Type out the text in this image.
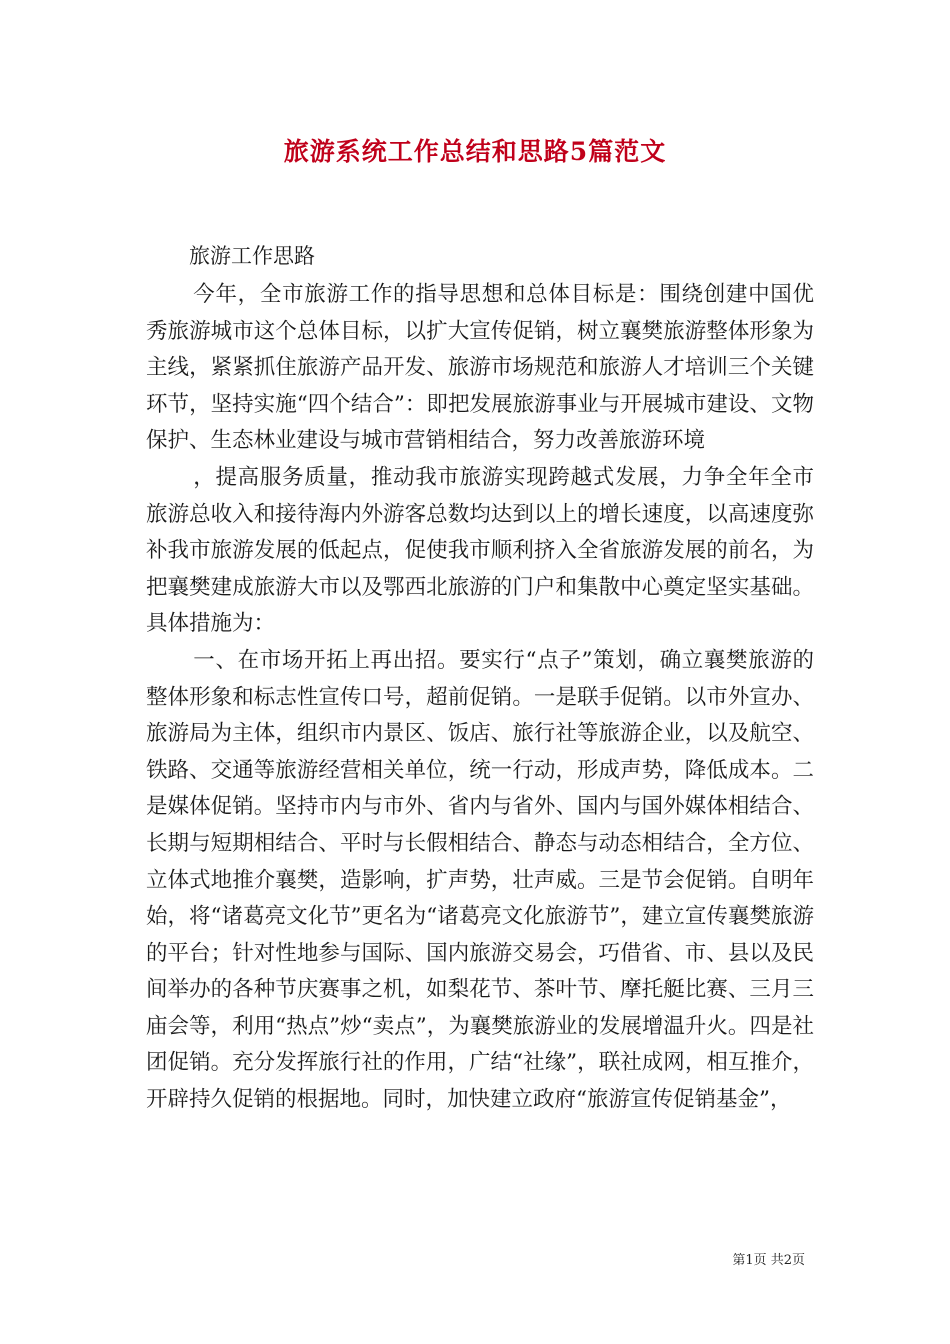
旅游系统工作总结和思路5篇范文
旅游工作思路

今年，全市旅游工作的指导思想和总体目标是：围绕创建中国优秀旅游城市这个总体目标，以扩大宣传促销，树立襄樊旅游整体形象为主线，紧紧抓住旅游产品开发、旅游市场规范和旅游人才培训三个关键环节，坚持实施“四个结合”：即把发展旅游事业与开展城市建设、文物保护、生态林业建设与城市营销相结合，努力改善旅游环境

，提高服务质量，推动我市旅游实现跨越式发展，力争全年全市旅游总收入和接待海内外游客总数均达到以上的增长速度，以高速度弥补我市旅游发展的低起点，促使我市顺利挤入全省旅游发展的前名，为把襄樊建成旅游大市以及鄂西北旅游的门户和集散中心奠定坚实基础。具体措施为：

一、在市场开拓上再出招。要实行“点子”策划，确立襄樊旅游的整体形象和标志性宣传口号，超前促销。一是联手促销。以市外宣办、旅游局为主体，组织市内景区、饭店、旅行社等旅游企业，以及航空、铁路、交通等旅游经营相关单位，统一行动，形成声势，降低成本。二是媒体促销。坚持市内与市外、省内与省外、国内与国外媒体相结合、长期与短期相结合、平时与长假相结合、静态与动态相结合，全方位、立体式地推介襄樊，造影响，扩声势，壮声威。三是节会促销。自明年始，将“诸葛亮文化节”更名为“诸葛亮文化旅游节”，建立宣传襄樊旅游的平台；针对性地参与国际、国内旅游交易会，巧借省、市、县以及民间举办的各种节庆赛事之机，如梨花节、茶叶节、摩托艇比赛、三月三庙会等，利用“热点”炒“卖点”，为襄樊旅游业的发展增温升火。四是社团促销。充分发挥旅行社的作用，广结“社缘”，联社成网，相互推介，开辟持久促销的根据地。同时，加快建立政府“旅游宣传促销基金”，

第1页 共2页
